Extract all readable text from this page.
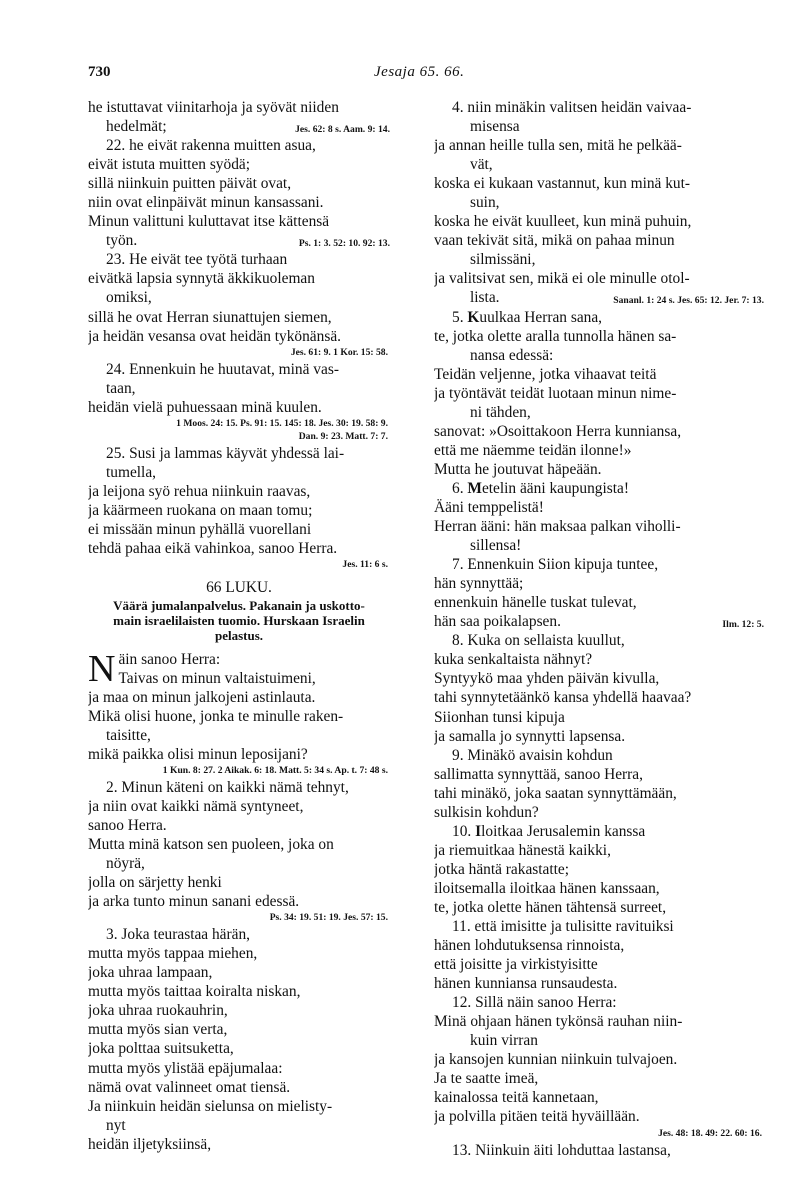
730	Jesaja 65. 66.
he istuttavat viinitarhoja ja syövät niiden
hedelmät;	Jes. 62: 8 s. Aam. 9: 14.
22. he eivät rakenna muitten asua,
eivät istuta muitten syödä;
sillä niinkuin puitten päivät ovat,
niin ovat elinpäivät minun kansassani.
Minun valittuni kuluttavat itse kättensä
työn.	Ps. 1: 3. 52: 10. 92: 13.
23. He eivät tee työtä turhaan
eivätkä lapsia synnytä äkkikuoleman
omiksi,
sillä he ovat Herran siunattujen siemen,
ja heidän vesansa ovat heidän tykönänsä.
Jes. 61: 9. 1 Kor. 15: 58.
24. Ennenkuin he huutavat, minä vas-
taan,
heidän vielä puhuessaan minä kuulen.
1 Moos. 24: 15. Ps. 91: 15. 145: 18. Jes. 30: 19. 58: 9.
Dan. 9: 23. Matt. 7: 7.
25. Susi ja lammas käyvät yhdessä lai-
tumella,
ja leijona syö rehua niinkuin raavas,
ja käärmeen ruokana on maan tomu;
ei missään minun pyhällä vuorellani
tehdä pahaa eikä vahinkoa, sanoo Herra.
Jes. 11: 6 s.
66 LUKU.
Väärä jumalanpalvelus. Pakanain ja uskotto-
main israelilaisten tuomio. Hurskaan Israelin
pelastus.
N äin sanoo Herra:
Taivas on minun valtaistuimeni,
ja maa on minun jalkojeni astinlauta.
Mikä olisi huone, jonka te minulle raken-
taisitte,
mikä paikka olisi minun leposijani?
1 Kun. 8: 27. 2 Aikak. 6: 18. Matt. 5: 34 s. Ap. t. 7: 48 s.
2. Minun käteni on kaikki nämä tehnyt,
ja niin ovat kaikki nämä syntyneet,
sanoo Herra.
Mutta minä katson sen puoleen, joka on
nöyrä,
jolla on särjetty henki
ja arka tunto minun sanani edessä.
Ps. 34: 19. 51: 19. Jes. 57: 15.
3. Joka teurastaa härän,
mutta myös tappaa miehen,
joka uhraa lampaan,
mutta myös taittaa koiralta niskan,
joka uhraa ruokauhrin,
mutta myös sian verta,
joka polttaa suitsuketta,
mutta myös ylistää epäjumalaa:
nämä ovat valinneet omat tiensä.
Ja niinkuin heidän sielunsa on mielisty-
nyt
heidän iljetyksiinsä,
4. niin minäkin valitsen heidän vaivaa-
misensa
ja annan heille tulla sen, mitä he pelkää-
vät,
koska ei kukaan vastannut, kun minä kut-
suin,
koska he eivät kuulleet, kun minä puhuin,
vaan tekivät sitä, mikä on pahaa minun
silmissäni,
ja valitsivat sen, mikä ei ole minulle otol-
lista.	Sananl. 1: 24 s. Jes. 65: 12. Jer. 7: 13.
5. Kuulkaa Herran sana,
te, jotka olette aralla tunnolla hänen sa-
nansa edessä:
Teidän veljenne, jotka vihaavat teitä
ja työntävät teidät luotaan minun nime-
ni tähden,
sanovat: »Osoittakoon Herra kunniansa,
että me näemme teidän ilonne!»
Mutta he joutuvat häpeään.
6. Metelin ääni kaupungista!
Ääni temppelistä!
Herran ääni: hän maksaa palkan viholli-
sillensa!
7. Ennenkuin Siion kipuja tuntee,
hän synnyttää;
ennenkuin hänelle tuskat tulevat,
hän saa poikalapsen.	Ilm. 12: 5.
8. Kuka on sellaista kuullut,
kuka senkaltaista nähnyt?
Syntyykö maa yhden päivän kivulla,
tahi synnytetäänkö kansa yhdellä haavaa?
Siionhan tunsi kipuja
ja samalla jo synnytti lapsensa.
9. Minäkö avaisin kohdun
sallimatta synnyttää, sanoo Herra,
tahi minäkö, joka saatan synnyttämään,
sulkisin kohdun?
10. Iloitkaa Jerusalemin kanssa
ja riemuitkaa hänestä kaikki,
jotka häntä rakastatte;
iloitsemalla iloitkaa hänen kanssaan,
te, jotka olette hänen tähtensä surreet,
11. että imisitte ja tulisitte ravituiksi
hänen lohdutuksensa rinnoista,
että joisitte ja virkistyisitte
hänen kunniansa runsaudesta.
12. Sillä näin sanoo Herra:
Minä ohjaan hänen tykönsä rauhan niin-
kuin virran
ja kansojen kunnian niinkuin tulvajoen.
Ja te saatte imeä,
kainalossa teitä kannetaan,
ja polvilla pitäen teitä hyväillään.
Jes. 48: 18. 49: 22. 60: 16.
13. Niinkuin äiti lohduttaa lastansa,
